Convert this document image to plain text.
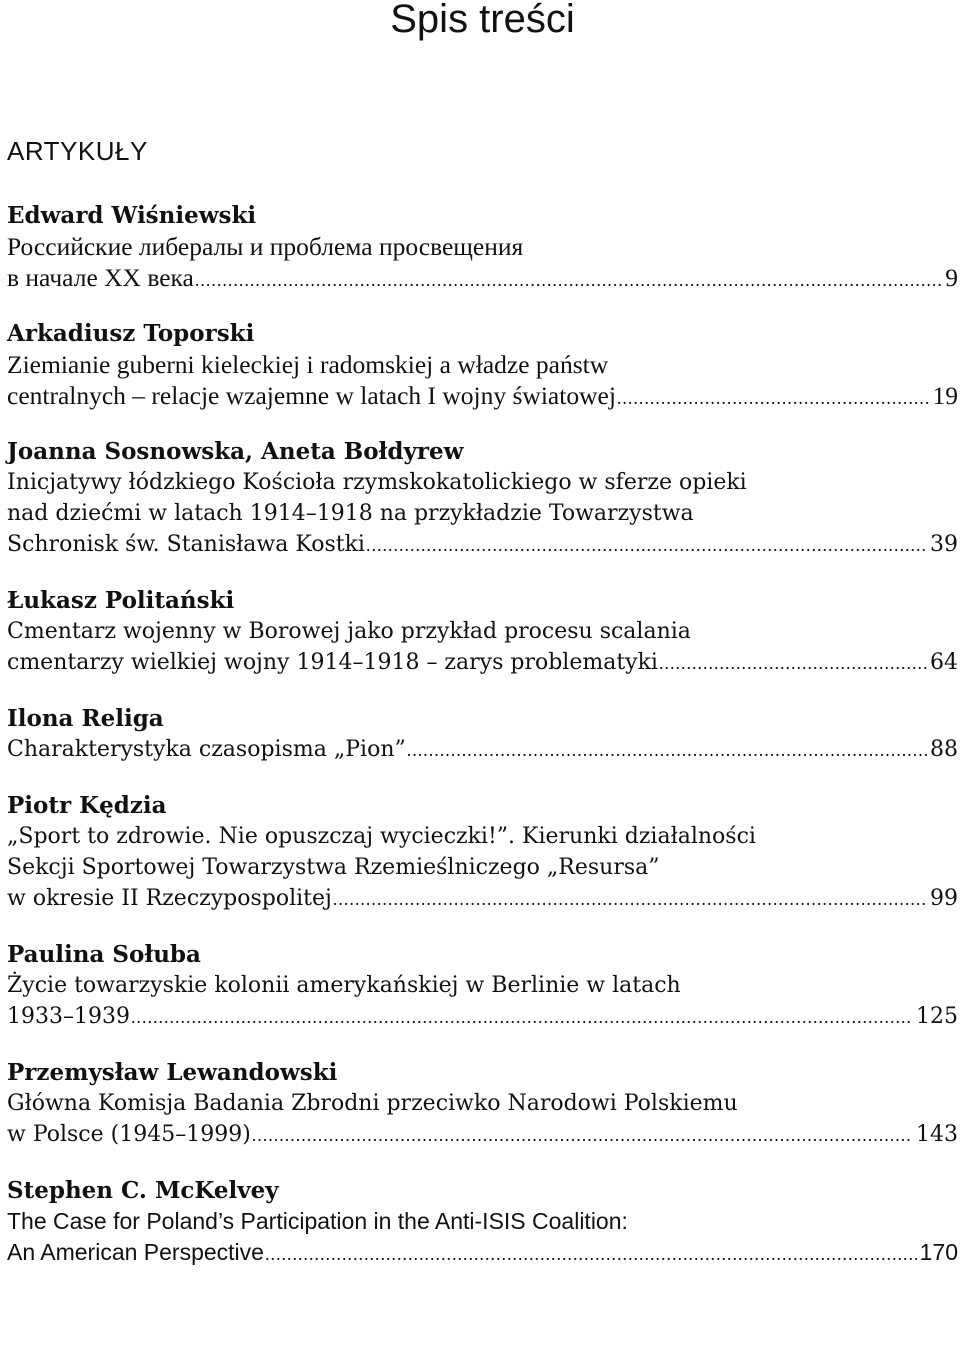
Spis treści
ARTYKUŁY
Edward Wiśniewski
Российские либералы и проблема просвещения
в начале XX века .....	9
Arkadiusz Toporski
Ziemianie guberni kieleckiej i radomskiej a władze państw
centralnych – relacje wzajemne w latach I wojny światowej .....	19
Joanna Sosnowska, Aneta Bołdyrew
Inicjatywy łódzkiego Kościoła rzymskokatolickiego w sferze opieki
nad dziećmi w latach 1914–1918 na przykładzie Towarzystwa
Schronisk św. Stanisława Kostki .....	39
Łukasz Politański
Cmentarz wojenny w Borowej jako przykład procesu scalania
cmentarzy wielkiej wojny 1914–1918 – zarys problematyki .....	64
Ilona Religa
Charakterystyka czasopisma „Pion” .....	88
Piotr Kędzia
„Sport to zdrowie. Nie opuszczaj wycieczki!”. Kierunki działalności
Sekcji Sportowej Towarzystwa Rzemieślniczego „Resursa”
w okresie II Rzeczypospolitej .....	99
Paulina Sołuba
Życie towarzyskie kolonii amerykańskiej w Berlinie w latach
1933–1939 .....	125
Przemysław Lewandowski
Główna Komisja Badania Zbrodni przeciwko Narodowi Polskiemu
w Polsce (1945–1999) .....	143
Stephen C. McKelvey
The Case for Poland’s Participation in the Anti-ISIS Coalition:
An American Perspective .....	170
